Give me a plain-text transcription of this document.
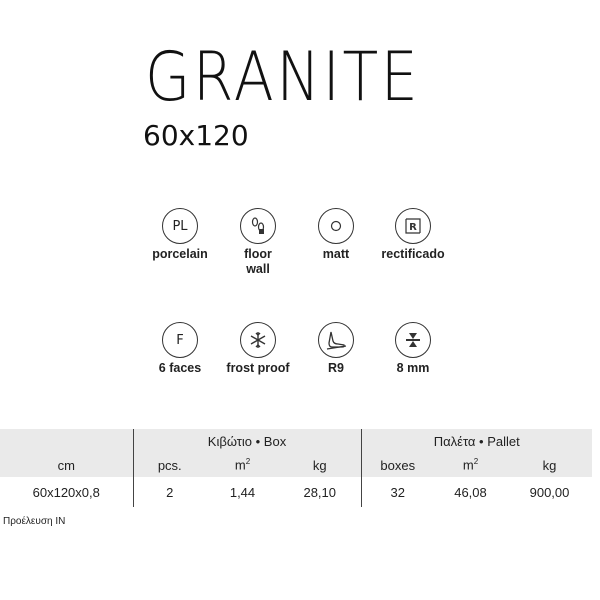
GRANITE
60x120
PL
porcelain	floor
wall
matt
R
rectificado
F
6 faces	frost proof	R9	8 mm
	Κιβώτιο • Box			Παλέτα • Pallet		
cm	pcs.	$m^2$	kg	boxes	$m^2$	kg
60x120x0,8	2	1,44	28,10	32	46,08	900,00
Προέλευση IN
